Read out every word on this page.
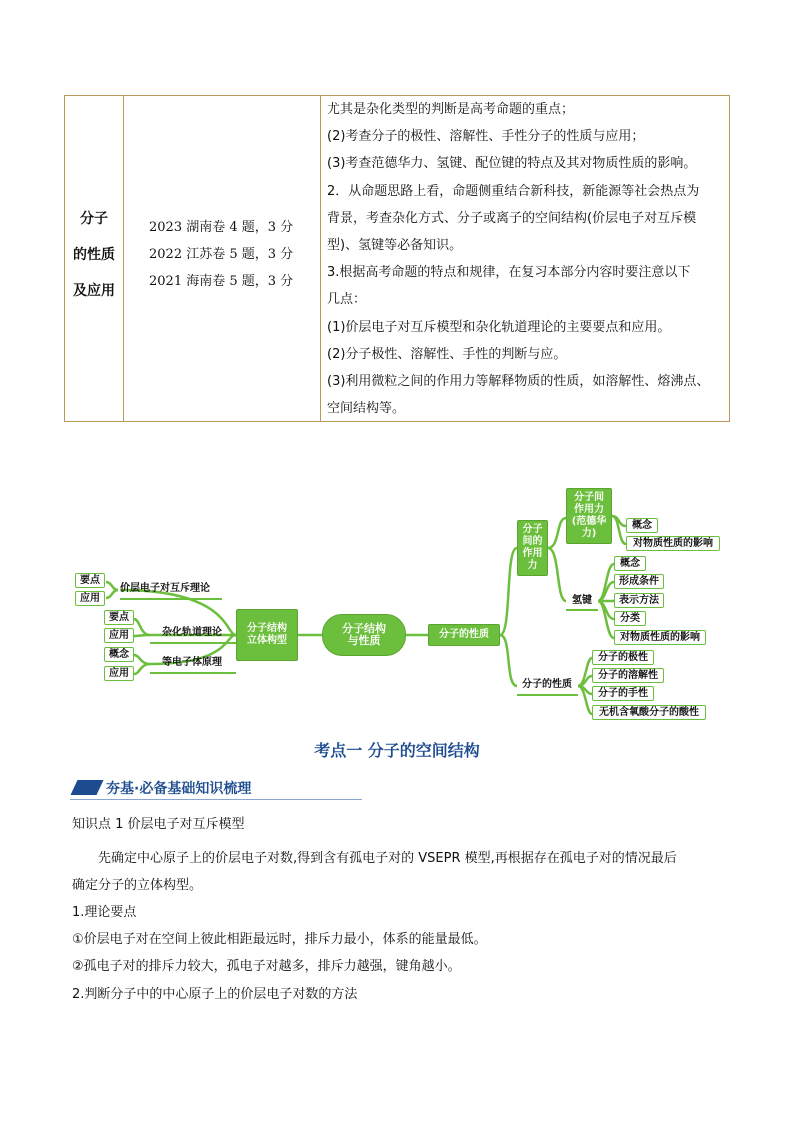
分子
的性质
及应用
2023 湖南卷 4 题，3 分
2022 江苏卷 5 题，3 分
2021 海南卷 5 题，3 分
尤其是杂化类型的判断是高考命题的重点；
(2)考查分子的极性、溶解性、手性分子的性质与应用；
(3)考查范德华力、氢键、配位键的特点及其对物质性质的影响。
2．从命题思路上看，命题侧重结合新科技，新能源等社会热点为
背景，考查杂化方式、分子或离子的空间结构(价层电子对互斥模
型)、氢键等必备知识。
3.根据高考命题的特点和规律，在复习本部分内容时要注意以下
几点：
(1)价层电子对互斥模型和杂化轨道理论的主要要点和应用。
(2)分子极性、溶解性、手性的判断与应。
(3)利用微粒之间的作用力等解释物质的性质，如溶解性、熔沸点、
空间结构等。
分子结构与性质
分子结构立体构型
价层电子对互斥理论
杂化轨道理论
等电子体原理
要点
应用
要点
应用
概念
应用
分子的性质
分子间的作用力
分子间作用力(范德华力)
概念
对物质性质的影响
氢键
概念
形成条件
表示方法
分类
对物质性质的影响
分子的性质
分子的极性
分子的溶解性
分子的手性
无机含氧酸分子的酸性
考点一 分子的空间结构
夯基·必备基础知识梳理
知识点 1 价层电子对互斥模型
先确定中心原子上的价层电子对数,得到含有孤电子对的 VSEPR 模型,再根据存在孤电子对的情况最后
确定分子的立体构型。
1.理论要点
①价层电子对在空间上彼此相距最远时，排斥力最小，体系的能量最低。
②孤电子对的排斥力较大，孤电子对越多，排斥力越强，键角越小。
2.判断分子中的中心原子上的价层电子对数的方法
